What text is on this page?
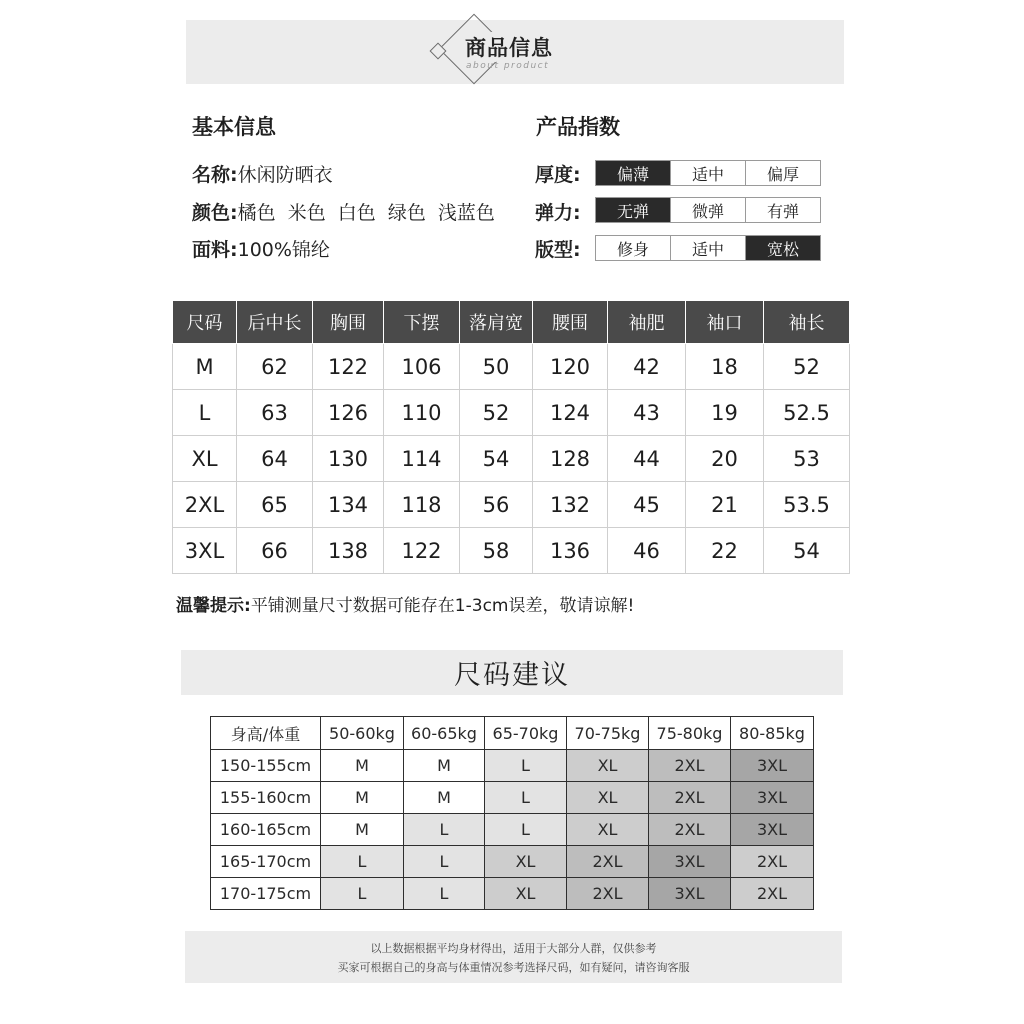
商品信息
about product
基本信息
名称:休闲防晒衣
颜色:橘色  米色  白色  绿色  浅蓝色
面料:100%锦纶
产品指数
厚度:	偏薄	适中	偏厚
弹力:	无弹	微弹	有弹
版型:	修身	适中	宽松
尺码	后中长	胸围	下摆	落肩宽	腰围	袖肥	袖口	袖长
M	62	122	106	50	120	42	18	52
L	63	126	110	52	124	43	19	52.5
XL	64	130	114	54	128	44	20	53
2XL	65	134	118	56	132	45	21	53.5
3XL	66	138	122	58	136	46	22	54
温馨提示:平铺测量尺寸数据可能存在1-3cm误差，敬请谅解!
尺码建议
身高/体重	50-60kg	60-65kg	65-70kg	70-75kg	75-80kg	80-85kg
150-155cm	M	M	L	XL	2XL	3XL
155-160cm	M	M	L	XL	2XL	3XL
160-165cm	M	L	L	XL	2XL	3XL
165-170cm	L	L	XL	2XL	3XL	2XL
170-175cm	L	L	XL	2XL	3XL	2XL
以上数据根据平均身材得出，适用于大部分人群，仅供参考
买家可根据自己的身高与体重情况参考选择尺码，如有疑问，请咨询客服
